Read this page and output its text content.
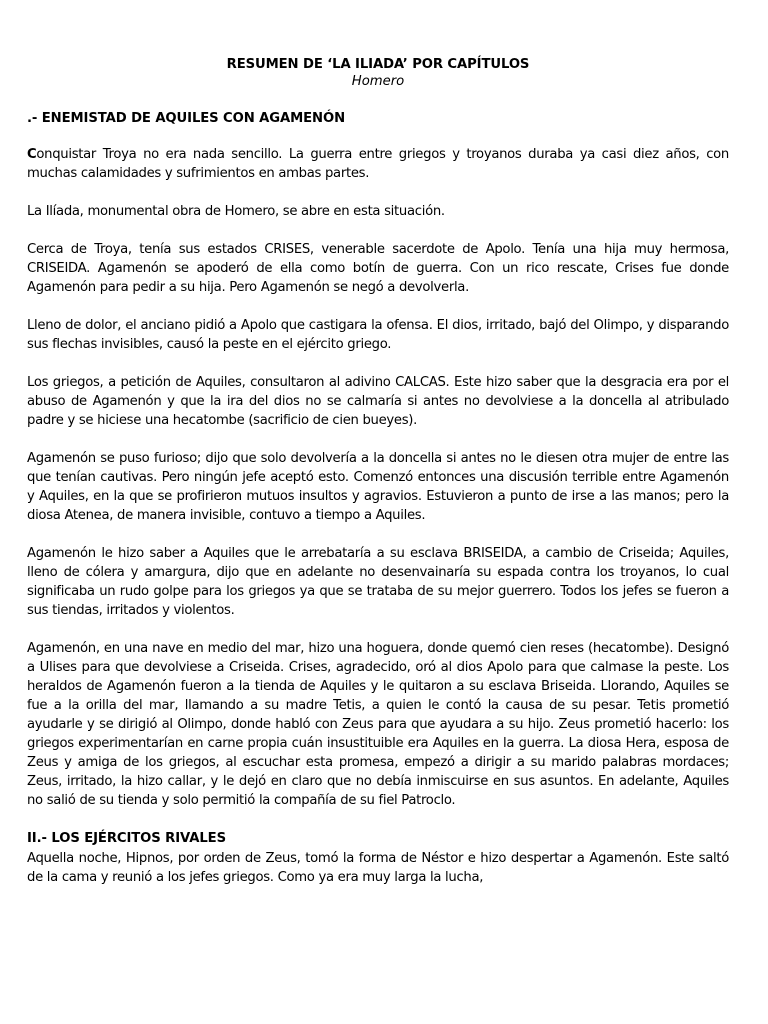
RESUMEN DE ‘LA ILIADA’ POR CAPÍTULOS

Homero

.- ENEMISTAD DE AQUILES CON AGAMENÓN

Conquistar Troya no era nada sencillo. La guerra entre griegos y troyanos duraba ya casi diez años, con muchas calamidades y sufrimientos en ambas partes.

La Ilíada, monumental obra de Homero, se abre en esta situación.

Cerca de Troya, tenía sus estados CRISES, venerable sacerdote de Apolo. Tenía una hija muy hermosa, CRISEIDA. Agamenón se apoderó de ella como botín de guerra. Con un rico rescate, Crises fue donde Agamenón para pedir a su hija. Pero Agamenón se negó a devolverla.

Lleno de dolor, el anciano pidió a Apolo que castigara la ofensa. El dios, irritado, bajó del Olimpo, y disparando sus flechas invisibles, causó la peste en el ejército griego.

Los griegos, a petición de Aquiles, consultaron al adivino CALCAS. Este hizo saber que la desgracia era por el abuso de Agamenón y que la ira del dios no se calmaría si antes no devolviese a la doncella al atribulado padre y se hiciese una hecatombe (sacrificio de cien bueyes).

Agamenón se puso furioso; dijo que solo devolvería a la doncella si antes no le diesen otra mujer de entre las que tenían cautivas. Pero ningún jefe aceptó esto. Comenzó entonces una discusión terrible entre Agamenón y Aquiles, en la que se profirieron mutuos insultos y agravios. Estuvieron a punto de irse a las manos; pero la diosa Atenea, de manera invisible, contuvo a tiempo a Aquiles.

Agamenón le hizo saber a Aquiles que le arrebataría a su esclava BRISEIDA, a cambio de Criseida; Aquiles, lleno de cólera y amargura, dijo que en adelante no desenvainaría su espada contra los troyanos, lo cual significaba un rudo golpe para los griegos ya que se trataba de su mejor guerrero. Todos los jefes se fueron a sus tiendas, irritados y violentos.

Agamenón, en una nave en medio del mar, hizo una hoguera, donde quemó cien reses (hecatombe). Designó a Ulises para que devolviese a Criseida. Crises, agradecido, oró al dios Apolo para que calmase la peste. Los heraldos de Agamenón fueron a la tienda de Aquiles y le quitaron a su esclava Briseida. Llorando, Aquiles se fue a la orilla del mar, llamando a su madre Tetis, a quien le contó la causa de su pesar. Tetis prometió ayudarle y se dirigió al Olimpo, donde habló con Zeus para que ayudara a su hijo. Zeus prometió hacerlo: los griegos experimentarían en carne propia cuán insustituible era Aquiles en la guerra. La diosa Hera, esposa de Zeus y amiga de los griegos, al escuchar esta promesa, empezó a dirigir a su marido palabras mordaces; Zeus, irritado, la hizo callar, y le dejó en claro que no debía inmiscuirse en sus asuntos. En adelante, Aquiles no salió de su tienda y solo permitió la compañía de su fiel Patroclo.

II.- LOS EJÉRCITOS RIVALES

Aquella noche, Hipnos, por orden de Zeus, tomó la forma de Néstor e hizo despertar a Agamenón. Este saltó de la cama y reunió a los jefes griegos. Como ya era muy larga la lucha,
